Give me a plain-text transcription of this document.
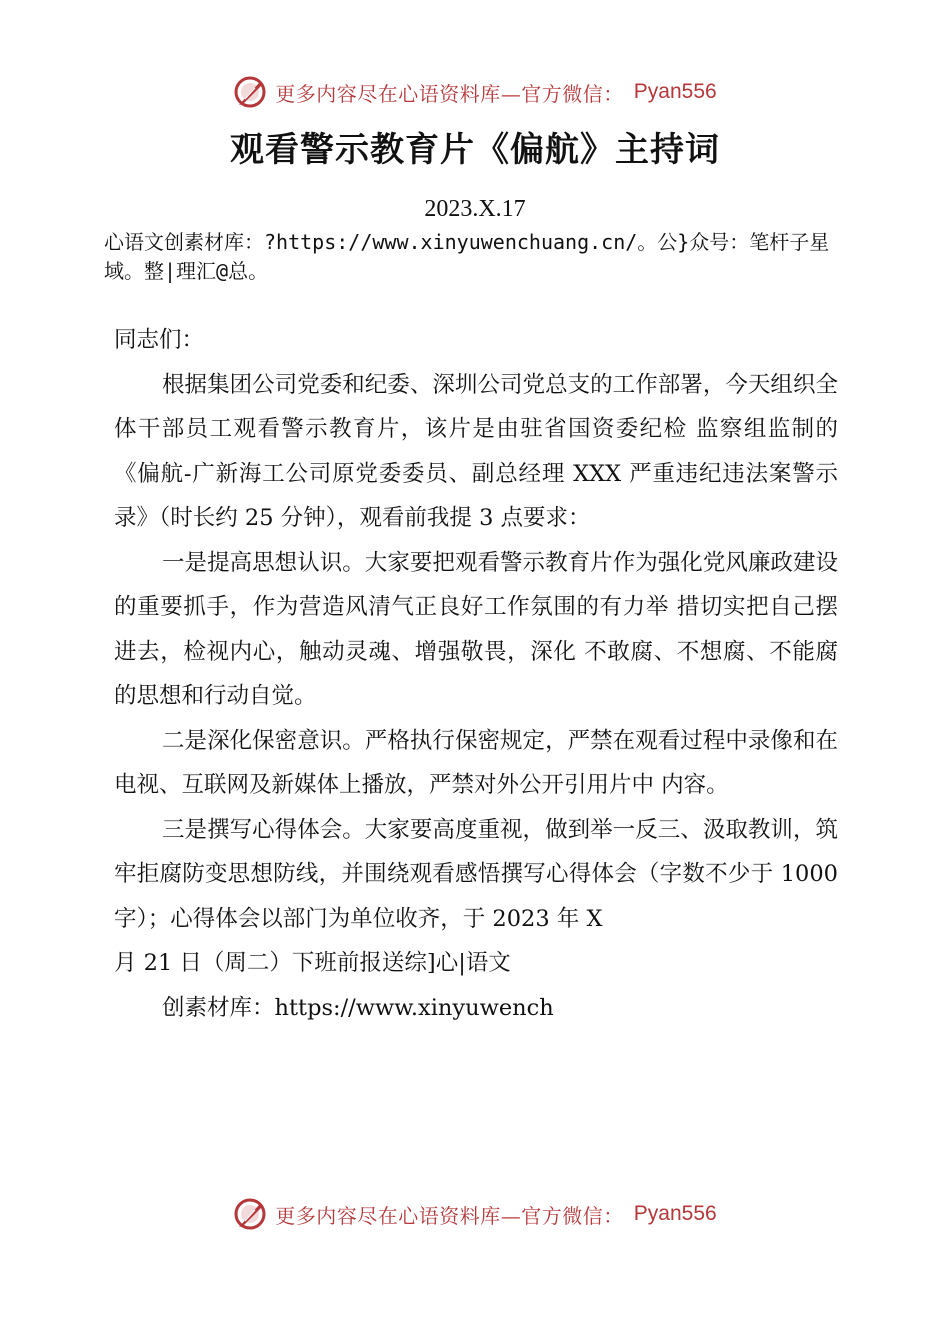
更多内容尽在心语资料库—官方微信： Pyan556
观看警示教育片《偏航》主持词
2023.X.17
心语文创素材库：?https://www.xinyuwenchuang.cn/。公}众号：笔杆子星域。整|理汇@总。

同志们：

根据集团公司党委和纪委、深圳公司党总支的工作部署，今天组织全体干部员工观看警示教育片，该片是由驻省国资委纪检 监察组监制的《偏航-广新海工公司原党委委员、副总经理 XXX 严重违纪违法案警示录》（时长约 25 分钟），观看前我提 3 点要求：

一是提高思想认识。大家要把观看警示教育片作为强化党风廉政建设的重要抓手，作为营造风清气正良好工作氛围的有力举 措切实把自己摆进去，检视内心，触动灵魂、增强敬畏，深化 不敢腐、不想腐、不能腐的思想和行动自觉。

二是深化保密意识。严格执行保密规定，严禁在观看过程中录像和在电视、互联网及新媒体上播放，严禁对外公开引用片中 内容。

三是撰写心得体会。大家要高度重视，做到举一反三、汲取教训，筑牢拒腐防变思想防线，并围绕观看感悟撰写心得体会（字数不少于 1000 字）；心得体会以部门为单位收齐，于 2023 年 X

月 21 日（周二）下班前报送综]心|语文

创素材库：https://www.xinyuwench

更多内容尽在心语资料库—官方微信： Pyan556
